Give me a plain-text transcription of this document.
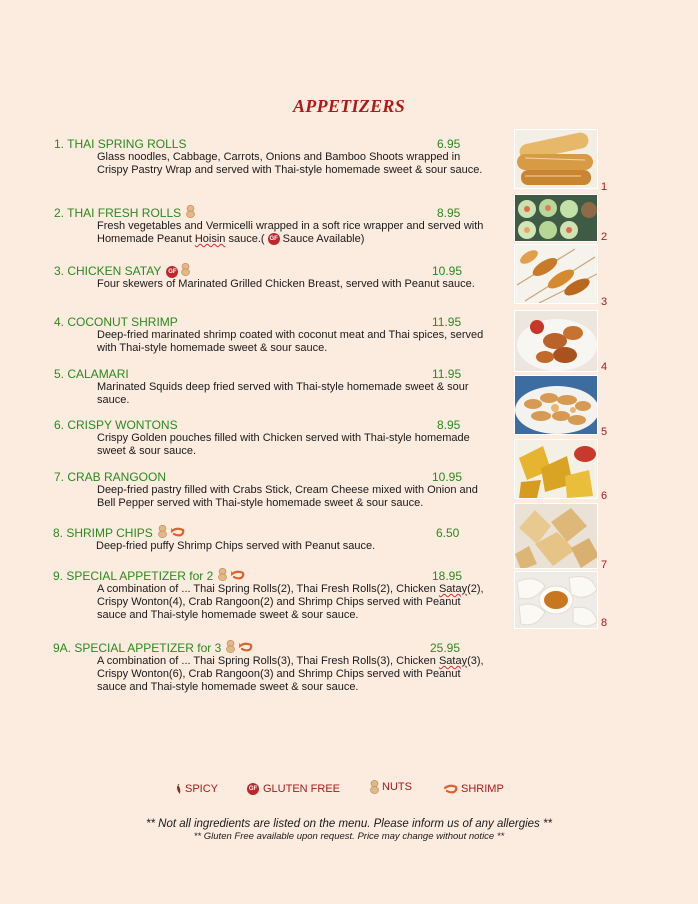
APPETIZERS
1. THAI SPRING ROLLS	6.95
Glass noodles, Cabbage, Carrots, Onions and Bamboo Shoots wrapped in Crispy Pastry Wrap and served with Thai-style homemade sweet & sour sauce.
2. THAI FRESH ROLLS	8.95
Fresh vegetables and Vermicelli wrapped in a soft rice wrapper and served with Homemade Peanut Hoisin sauce.( GF Sauce Available)
3. CHICKEN SATAY	GF	10.95
Four skewers of Marinated Grilled Chicken Breast, served with Peanut sauce.
4. COCONUT SHRIMP	11.95
Deep-fried marinated shrimp coated with coconut meat and Thai spices, served with Thai-style homemade sweet & sour sauce.
5. CALAMARI	11.95
Marinated Squids deep fried served with Thai-style homemade sweet & sour sauce.
6. CRISPY WONTONS	8.95
Crispy Golden pouches filled with Chicken served with Thai-style homemade sweet & sour sauce.
7. CRAB RANGOON	10.95
Deep-fried pastry filled with Crabs Stick, Cream Cheese mixed with Onion and Bell Pepper served with Thai-style homemade sweet & sour sauce.
8. SHRIMP CHIPS	6.50
Deep-fried puffy Shrimp Chips served with Peanut sauce.
9. SPECIAL APPETIZER for 2	18.95
A combination of ... Thai Spring Rolls(2), Thai Fresh Rolls(2), Chicken Satay(2), Crispy Wonton(4), Crab Rangoon(2) and Shrimp Chips served with Peanut sauce and Thai-style homemade sweet & sour sauce.
9A. SPECIAL APPETIZER for 3	25.95
A combination of ... Thai Spring Rolls(3), Thai Fresh Rolls(3), Chicken Satay(3), Crispy Wonton(6), Crab Rangoon(3) and Shrimp Chips served with Peanut sauce and Thai-style homemade sweet & sour sauce.
1
2
3
4
5
6
7
8
SPICY	GF GLUTEN FREE	NUTS	SHRIMP
** Not all ingredients are listed on the menu. Please inform us of any allergies **
** Gluten Free available upon request. Price may change without notice **
